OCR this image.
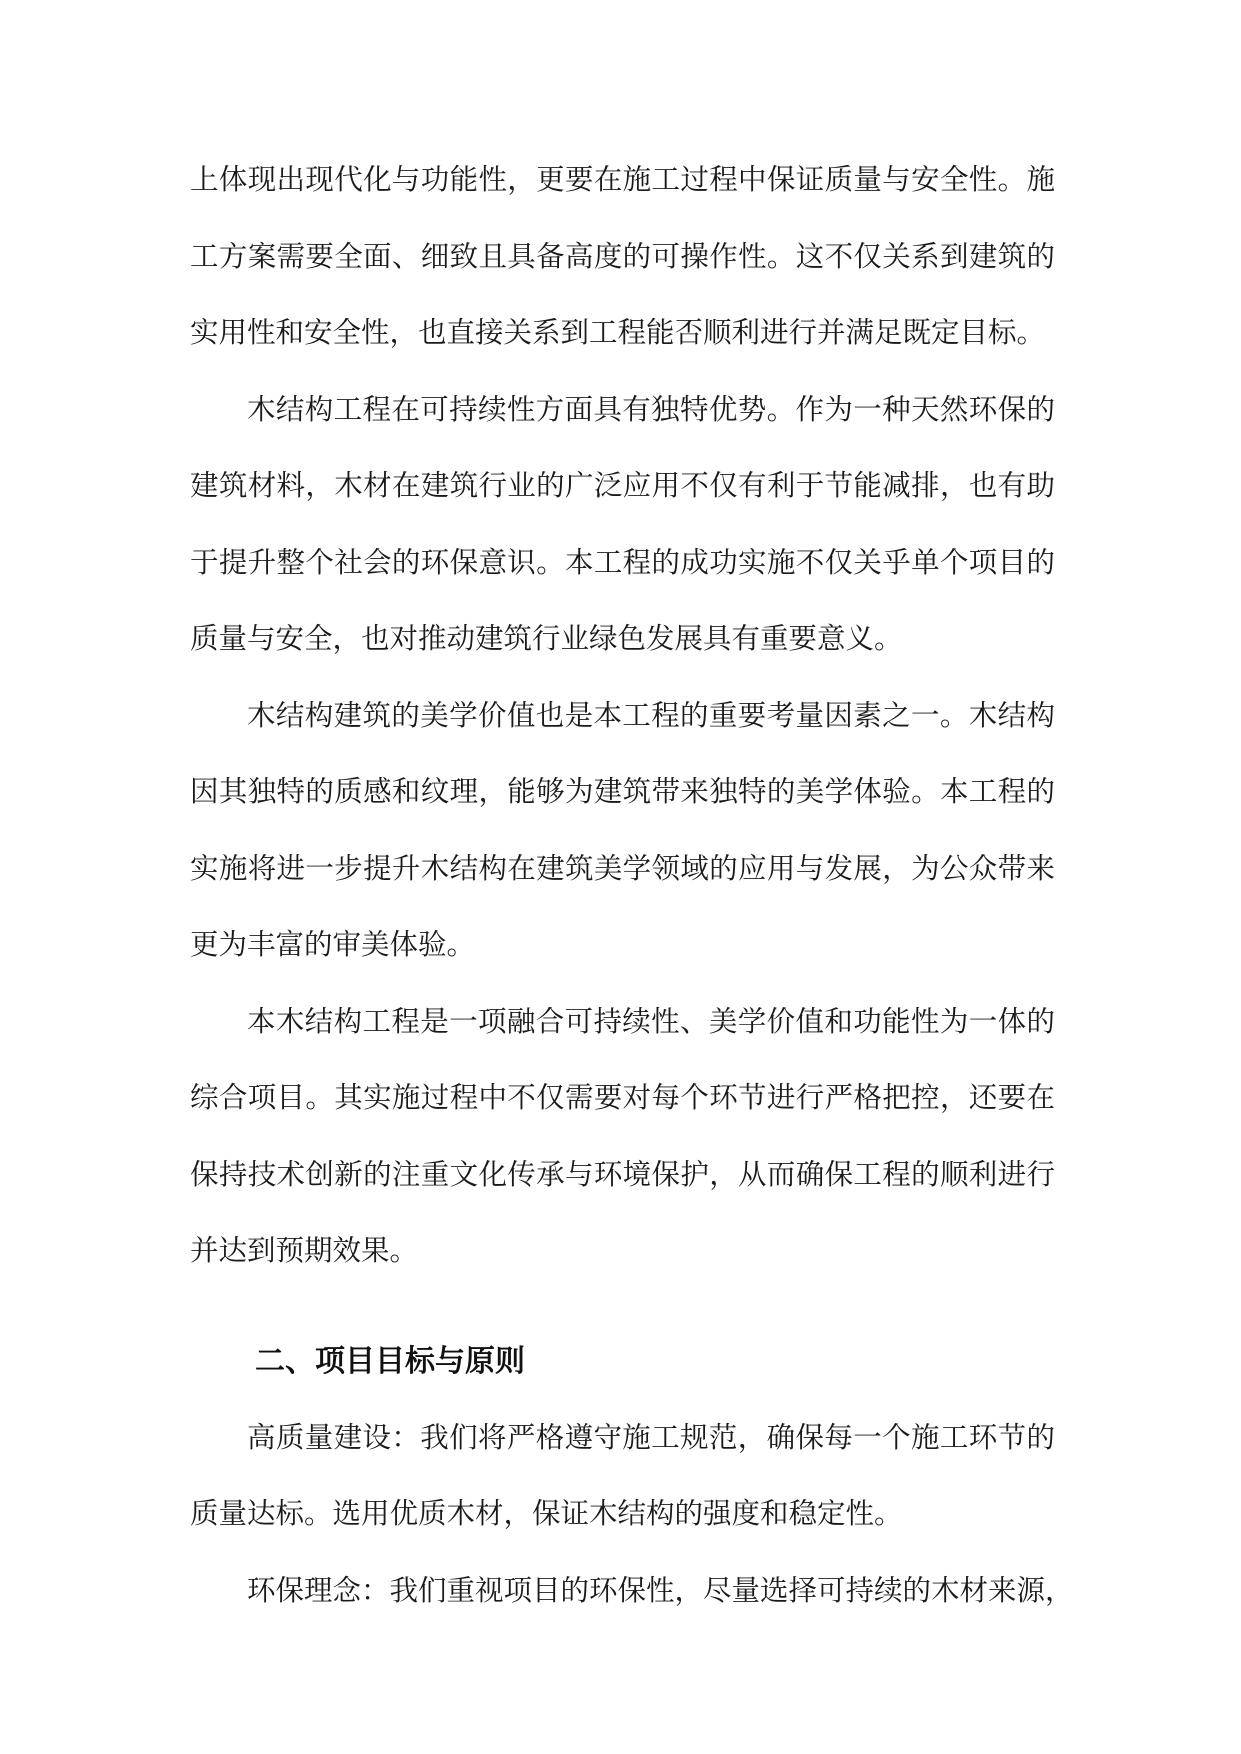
上体现出现代化与功能性，更要在施工过程中保证质量与安全性。施
工方案需要全面、细致且具备高度的可操作性。这不仅关系到建筑的
实用性和安全性，也直接关系到工程能否顺利进行并满足既定目标。

木结构工程在可持续性方面具有独特优势。作为一种天然环保的
建筑材料，木材在建筑行业的广泛应用不仅有利于节能减排，也有助
于提升整个社会的环保意识。本工程的成功实施不仅关乎单个项目的
质量与安全，也对推动建筑行业绿色发展具有重要意义。

木结构建筑的美学价值也是本工程的重要考量因素之一。木结构
因其独特的质感和纹理，能够为建筑带来独特的美学体验。本工程的
实施将进一步提升木结构在建筑美学领域的应用与发展，为公众带来
更为丰富的审美体验。

本木结构工程是一项融合可持续性、美学价值和功能性为一体的
综合项目。其实施过程中不仅需要对每个环节进行严格把控，还要在
保持技术创新的注重文化传承与环境保护，从而确保工程的顺利进行
并达到预期效果。

二、项目目标与原则

高质量建设：我们将严格遵守施工规范，确保每一个施工环节的
质量达标。选用优质木材，保证木结构的强度和稳定性。

环保理念：我们重视项目的环保性，尽量选择可持续的木材来源，
